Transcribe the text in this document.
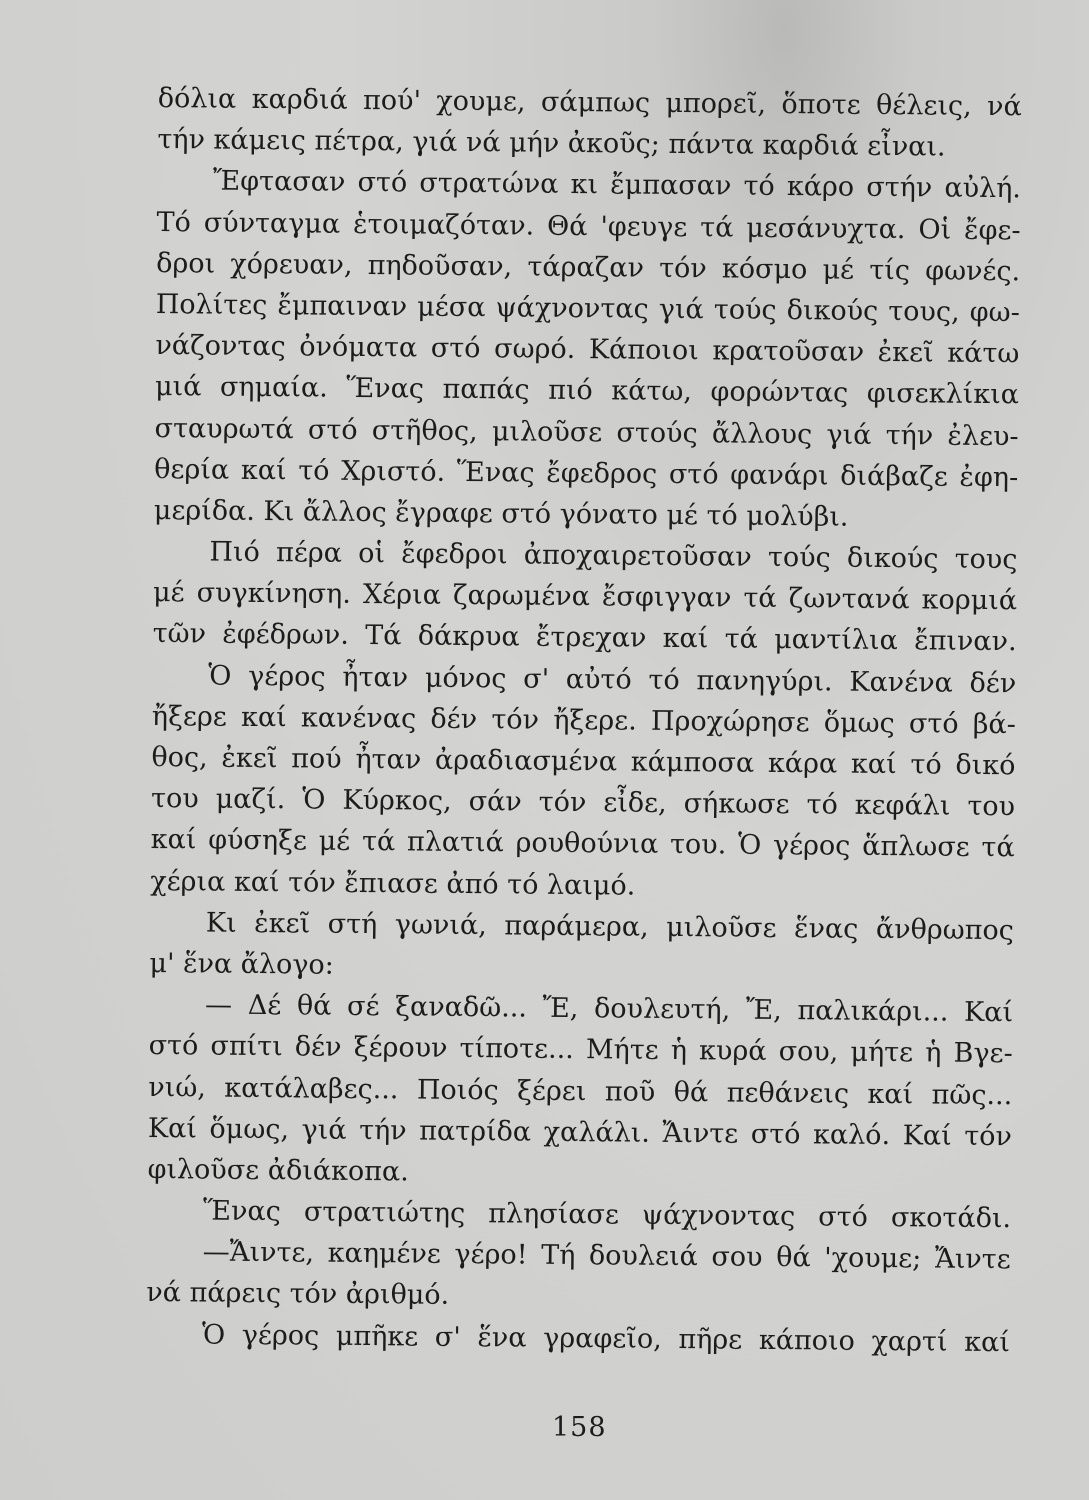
δόλια καρδιά πού' χουμε, σάμπως μπορεῖ, ὅποτε θέλεις, νά
τήν κάμεις πέτρα, γιά νά μήν ἀκοῦς; πάντα καρδιά εἶναι.
Ἔφτασαν στό στρατώνα κι ἔμπασαν τό κάρο στήν αὐλή.
Τό σύνταγμα ἑτοιμαζόταν. Θά 'φευγε τά μεσάνυχτα. Οἱ ἔφε-
δροι χόρευαν, πηδοῦσαν, τάραζαν τόν κόσμο μέ τίς φωνές.
Πολίτες ἔμπαιναν μέσα ψάχνοντας γιά τούς δικούς τους, φω-
νάζοντας ὀνόματα στό σωρό. Κάποιοι κρατοῦσαν ἐκεῖ κάτω
μιά σημαία. Ἕνας παπάς πιό κάτω, φορώντας φισεκλίκια
σταυρωτά στό στῆθος, μιλοῦσε στούς ἄλλους γιά τήν ἐλευ-
θερία καί τό Χριστό. Ἕνας ἔφεδρος στό φανάρι διάβαζε ἐφη-
μερίδα. Κι ἄλλος ἔγραφε στό γόνατο μέ τό μολύβι.
Πιό πέρα οἱ ἔφεδροι ἀποχαιρετοῦσαν τούς δικούς τους
μέ συγκίνηση. Χέρια ζαρωμένα ἔσφιγγαν τά ζωντανά κορμιά
τῶν ἐφέδρων. Τά δάκρυα ἔτρεχαν καί τά μαντίλια ἔπιναν.
Ὁ γέρος ἦταν μόνος σ' αὐτό τό πανηγύρι. Κανένα δέν
ἤξερε καί κανένας δέν τόν ἤξερε. Προχώρησε ὅμως στό βά-
θος, ἐκεῖ πού ἦταν ἀραδιασμένα κάμποσα κάρα καί τό δικό
του μαζί. Ὁ Κύρκος, σάν τόν εἶδε, σήκωσε τό κεφάλι του
καί φύσηξε μέ τά πλατιά ρουθούνια του. Ὁ γέρος ἅπλωσε τά
χέρια καί τόν ἔπιασε ἀπό τό λαιμό.
Κι ἐκεῖ στή γωνιά, παράμερα, μιλοῦσε ἕνας ἄνθρωπος
μ' ἕνα ἄλογο:
— Δέ θά σέ ξαναδῶ... Ἔ, δουλευτή, Ἔ, παλικάρι... Καί
στό σπίτι δέν ξέρουν τίποτε... Μήτε ἡ κυρά σου, μήτε ἡ Βγε-
νιώ, κατάλαβες... Ποιός ξέρει ποῦ θά πεθάνεις καί πῶς...
Καί ὅμως, γιά τήν πατρίδα χαλάλι. Ἄιντε στό καλό. Καί τόν
φιλοῦσε ἀδιάκοπα.
Ἕνας στρατιώτης πλησίασε ψάχνοντας στό σκοτάδι.
—Ἄιντε, καημένε γέρο! Τή δουλειά σου θά 'χουμε; Ἄιντε
νά πάρεις τόν ἀριθμό.
Ὁ γέρος μπῆκε σ' ἕνα γραφεῖο, πῆρε κάποιο χαρτί καί
158
